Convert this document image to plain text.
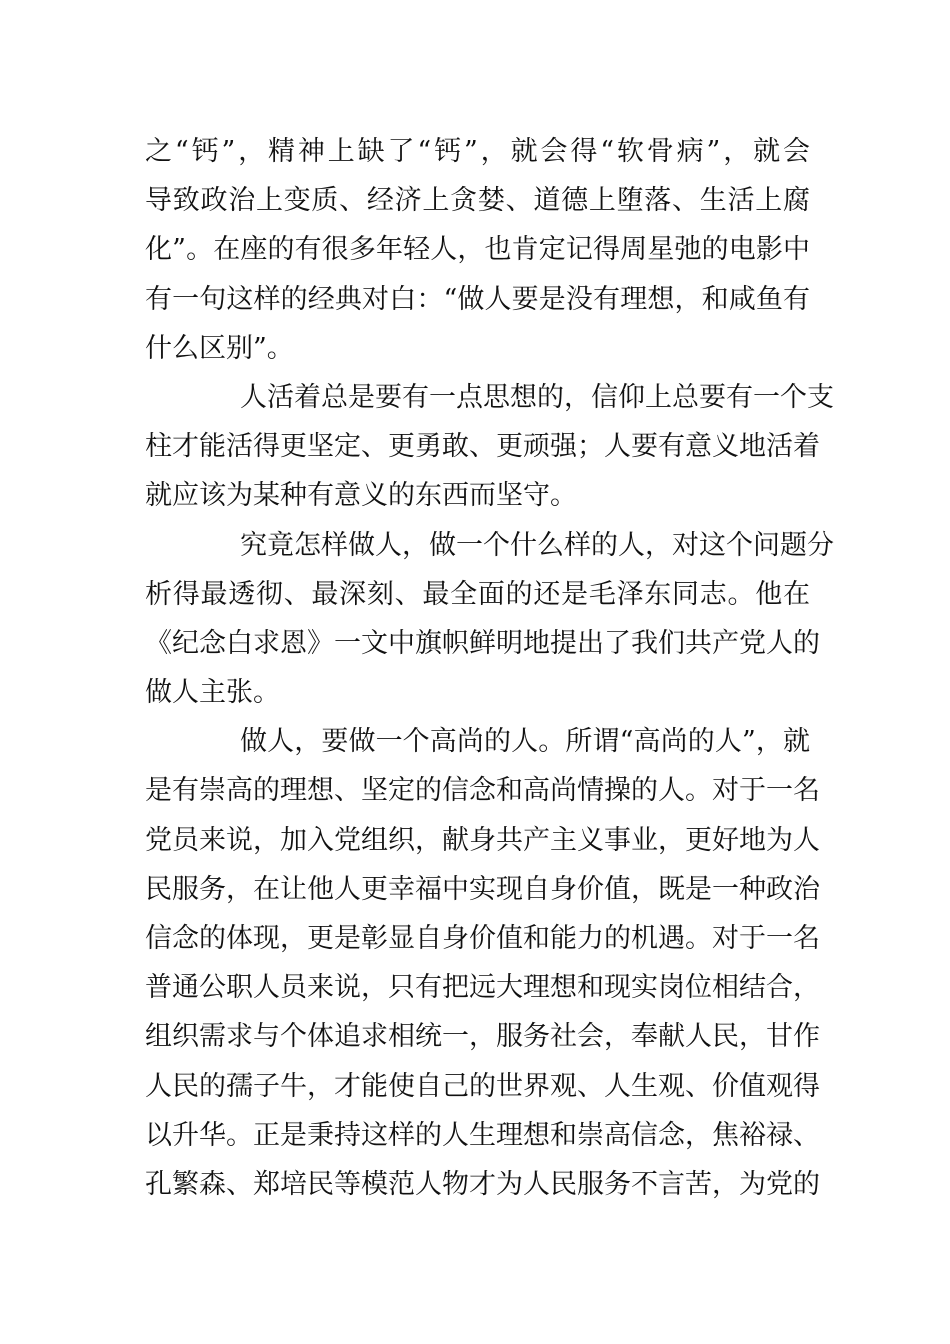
之“钙”，精神上缺了“钙”，就会得“软骨病”，就会
导致政治上变质、经济上贪婪、道德上堕落、生活上腐
化”。在座的有很多年轻人，也肯定记得周星弛的电影中
有一句这样的经典对白：“做人要是没有理想，和咸鱼有
什么区别”。
人活着总是要有一点思想的，信仰上总要有一个支
柱才能活得更坚定、更勇敢、更顽强；人要有意义地活着
就应该为某种有意义的东西而坚守。
究竟怎样做人，做一个什么样的人，对这个问题分
析得最透彻、最深刻、最全面的还是毛泽东同志。他在
《纪念白求恩》一文中旗帜鲜明地提出了我们共产党人的
做人主张。
做人，要做一个高尚的人。所谓“高尚的人”，就
是有崇高的理想、坚定的信念和高尚情操的人。对于一名
党员来说，加入党组织，献身共产主义事业，更好地为人
民服务，在让他人更幸福中实现自身价值，既是一种政治
信念的体现，更是彰显自身价值和能力的机遇。对于一名
普通公职人员来说，只有把远大理想和现实岗位相结合，
组织需求与个体追求相统一，服务社会，奉献人民，甘作
人民的孺子牛，才能使自己的世界观、人生观、价值观得
以升华。正是秉持这样的人生理想和崇高信念，焦裕禄、
孔繁森、郑培民等模范人物才为人民服务不言苦，为党的
